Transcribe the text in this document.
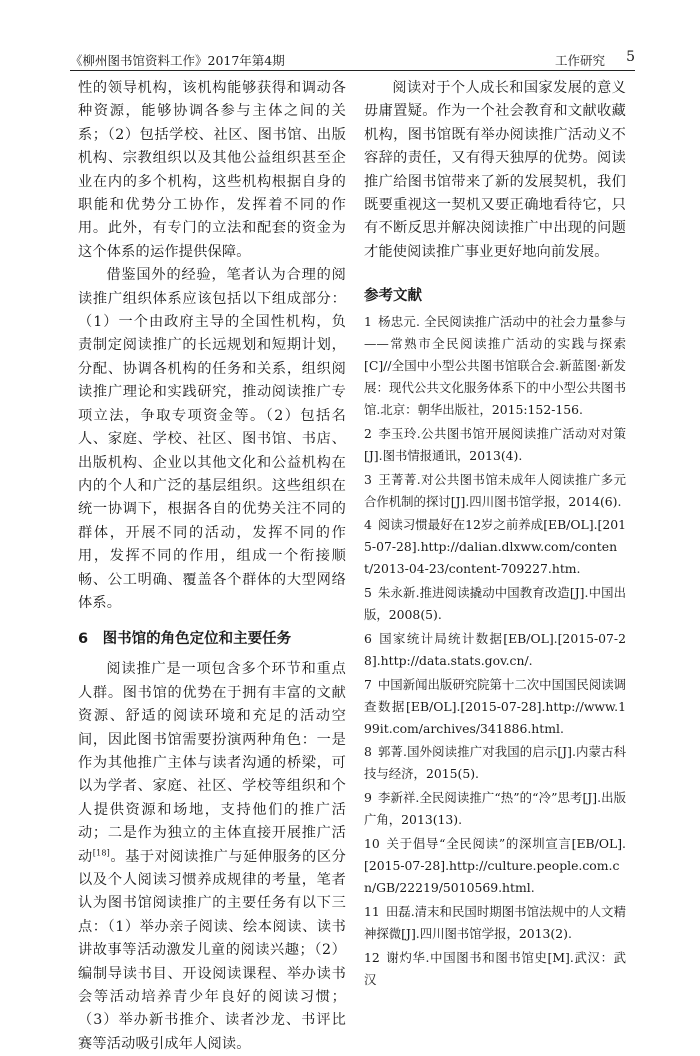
《柳州图书馆资料工作》2017年第4期	工作研究 5

性的领导机构，该机构能够获得和调动各种资源，能够协调各参与主体之间的关系；（2）包括学校、社区、图书馆、出版机构、宗教组织以及其他公益组织甚至企业在内的多个机构，这些机构根据自身的职能和优势分工协作，发挥着不同的作用。此外，有专门的立法和配套的资金为这个体系的运作提供保障。

借鉴国外的经验，笔者认为合理的阅读推广组织体系应该包括以下组成部分：（1）一个由政府主导的全国性机构，负责制定阅读推广的长远规划和短期计划，分配、协调各机构的任务和关系，组织阅读推广理论和实践研究，推动阅读推广专项立法，争取专项资金等。（2）包括名人、家庭、学校、社区、图书馆、书店、出版机构、企业以其他文化和公益机构在内的个人和广泛的基层组织。这些组织在统一协调下，根据各自的优势关注不同的群体，开展不同的活动，发挥不同的作用，发挥不同的作用，组成一个衔接顺畅、公工明确、覆盖各个群体的大型网络体系。

6　图书馆的角色定位和主要任务

阅读推广是一项包含多个环节和重点人群。图书馆的优势在于拥有丰富的文献资源、舒适的阅读环境和充足的活动空间，因此图书馆需要扮演两种角色：一是作为其他推广主体与读者沟通的桥梁，可以为学者、家庭、社区、学校等组织和个人提供资源和场地，支持他们的推广活动；二是作为独立的主体直接开展推广活动[18]。基于对阅读推广与延伸服务的区分以及个人阅读习惯养成规律的考量，笔者认为图书馆阅读推广的主要任务有以下三点：（1）举办亲子阅读、绘本阅读、读书讲故事等活动激发儿童的阅读兴趣；（2）编制导读书目、开设阅读课程、举办读书会等活动培养青少年良好的阅读习惯；（3）举办新书推介、读者沙龙、书评比赛等活动吸引成年人阅读。

阅读对于个人成长和国家发展的意义毋庸置疑。作为一个社会教育和文献收藏机构，图书馆既有举办阅读推广活动义不容辞的责任，又有得天独厚的优势。阅读推广给图书馆带来了新的发展契机，我们既要重视这一契机又要正确地看待它，只有不断反思并解决阅读推广中出现的问题才能使阅读推广事业更好地向前发展。

参考文献

1 杨忠元. 全民阅读推广活动中的社会力量参与——常熟市全民阅读推广活动的实践与探索[C]//全国中小型公共图书馆联合会.新蓝图·新发展：现代公共文化服务体系下的中小型公共图书馆.北京：朝华出版社，2015:152-156.

2 李玉玲.公共图书馆开展阅读推广活动对对策[J].图书情报通讯，2013(4).

3 王菁菁.对公共图书馆未成年人阅读推广多元合作机制的探讨[J].四川图书馆学报，2014(6).

4 阅读习惯最好在12岁之前养成[EB/OL].[2015-07-28].http://dalian.dlxww.com/content/2013-04-23/content-709227.htm.

5 朱永新.推进阅读撬动中国教育改造[J].中国出版，2008(5).

6 国家统计局统计数据[EB/OL].[2015-07-28].http://data.stats.gov.cn/.

7 中国新闻出版研究院第十二次中国国民阅读调查数据[EB/OL].[2015-07-28].http://www.199it.com/archives/341886.html.

8 郭菁.国外阅读推广对我国的启示[J].内蒙古科技与经济，2015(5).

9 李新祥.全民阅读推广“热”的“冷”思考[J].出版广角，2013(13).

10 关于倡导“全民阅读”的深圳宣言[EB/OL].[2015-07-28].http://culture.people.com.cn/GB/22219/5010569.html.

11 田磊.清末和民国时期图书馆法规中的人文精神探微[J].四川图书馆学报，2013(2).

12 谢灼华.中国图书和图书馆史[M].武汉：武汉
